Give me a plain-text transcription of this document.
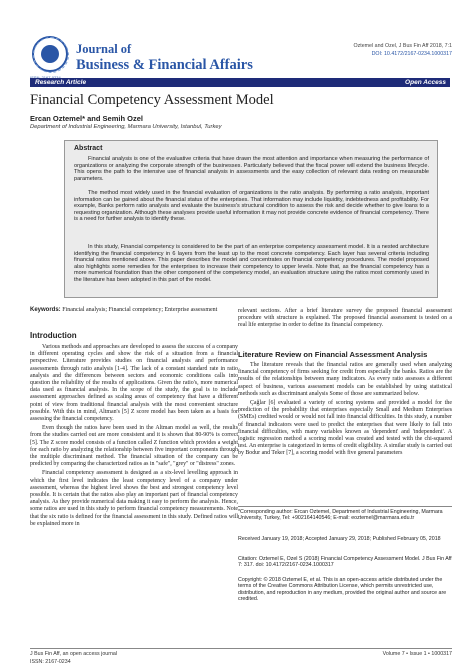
Journal of
Business & Financial Affairs
Oztemel and Ozel, J Bus Fin Aff 2018, 7:1
DOI: 10.4172/2167-0234.1000317
Research Article	Open Access
Financial Competency Assessment Model
Ercan Oztemel* and Semih Ozel
Department of Industrial Engineering, Marmara University, Istanbul, Turkey
Abstract
Financial analysis is one of the evaluative criteria that have drawn the most attention and importance when measuring the performance of organizations or analyzing the corporate strength of the businesses. Particularly believed that the fiscal power will extend the business lifecycle. This opens the path to the intensive use of financial analysis in assessments and the easy collection of relevant data resting on measurable parameters.
The method most widely used in the financial evaluation of organizations is the ratio analysis. By performing a ratio analysis, important information can be gained about the financial status of the enterprises. That information may include liquidity, indebtedness and profitability. For example, Banks perform ratio analysis and evaluate the business's structural condition to assess the risk and decide whether to give loans to a requesting organization. Although these analyses provide useful information it may not provide concrete evidence of financial competency. There is a need for further analysis to identify these.
In this study, Financial competency is considered to be the part of an enterprise competency assessment model. It is a nested architecture identifying the financial competency in 6 layers from the least up to the most concrete competency. Each layer has several criteria including financial ratios mentioned above. This paper describes the model and concentrates on financial competency procedures. The model proposed also highlights some remedies for the enterprises to increase their competency to upper levels. Note that, as the financial competency has a more numerical foundation than the other component of the competency model, an evaluation structure using the ratios most commonly used in the literature has been adopted in this part of the model.
Keywords: Financial analysis; Financial competency; Enterprise assessment
Introduction

Various methods and approaches are developed to assess the success of a company in different operating cycles and show the risk of a situation from a financial perspective. Literature provides studies on financial analysis and performance assessments through ratio analysis [1-4]. The lack of a constant standard rate in ratio analysis and the differences between sectors and economic conditions calls into question the reliability of the results of applications. Given the ratio's, more numerical data used as financial analysis. In the scope of the study, the goal is to include assessment approaches defined as scaling areas of competency that have a different point of view from traditional financial analysis with the most convenient structure possible. With this in mind, Altman's [5] Z score model has been taken as a basis for assessing the financial competency.

Even though the ratios have been used in the Altman model as well, the results from the studies carried out are more consistent and it is shown that 80-90% is correct [5]. The Z score model consists of a function called Z function which provides a weight for each ratio by analyzing the relationship between five important components through the multiple discriminant method. The financial situation of the company can be predicted by comparing the characterized ratios as in "safe", "grey" or "distress" zones.

Financial competency assessment is designed as a six-level levelling approach in which the first level indicates the least competency level of a company under assessment, whereas the highest level shows the best and strongest competency level possible. It is certain that the ratios also play an important part of financial competency analysis. As they provide numerical data making it easy to perform the analysis. Hence, some ratios are used in this study to perform financial competency measurements. Note that the six ratio is defined for the financial assessment in this study. Defined ratios will be explained more in

relevant sections. After a brief literature survey the proposed financial assessment procedure with structure is explained. The proposed financial assessment is tested on a real life enterprise in order to define its financial competency.

Literature Review on Financial Assessment Analysis

The literature reveals that the financial ratios are generally used when analyzing financial competency of firms seeking for credit from especially the banks. Ratios are the results of the relationships between many indicators. As every ratio assesses a different aspect of business, various assessment models can be established by using statistical methods such as discriminant analysis Some of those are summarized below.

Çağlar [6] evaluated a variety of scoring systems and provided a model for the prediction of the probability that enterprises especially Small and Medium Enterprises (SMEs) credited would or would not fall into financial difficulties. In this study, a number of financial indicators were used to predict the enterprises that were likely to fall into financial difficulties, with many variables known as 'dependent' and 'independent'. A logistic regression method a scoring model was created and tested with the chi-squared test. An enterprise is categorized in terms of credit eligibility. A similar study is carried out by Bodur and Teker [7], a scoring model with five general parameters

*Corresponding author: Ercan Oztemel, Department of Industrial Engineering, Marmara University, Turkey, Tel: +902164140546; E-mail: eoztemel@marmara.edu.tr
Received January 19, 2018; Accepted January 29, 2018; Published February 05, 2018
Citation: Oztemel E, Ozel S (2018) Financial Competency Assessment Model. J Bus Fin Aff 7: 317. doi: 10.4172/2167-0234.1000317
Copyright: © 2018 Oztemel E, et al. This is an open-access article distributed under the terms of the Creative Commons Attribution License, which permits unrestricted use, distribution, and reproduction in any medium, provided the original author and source are credited.
J Bus Fin Aff, an open access journal
ISSN: 2167-0234
Volume 7 • Issue 1 • 1000317
